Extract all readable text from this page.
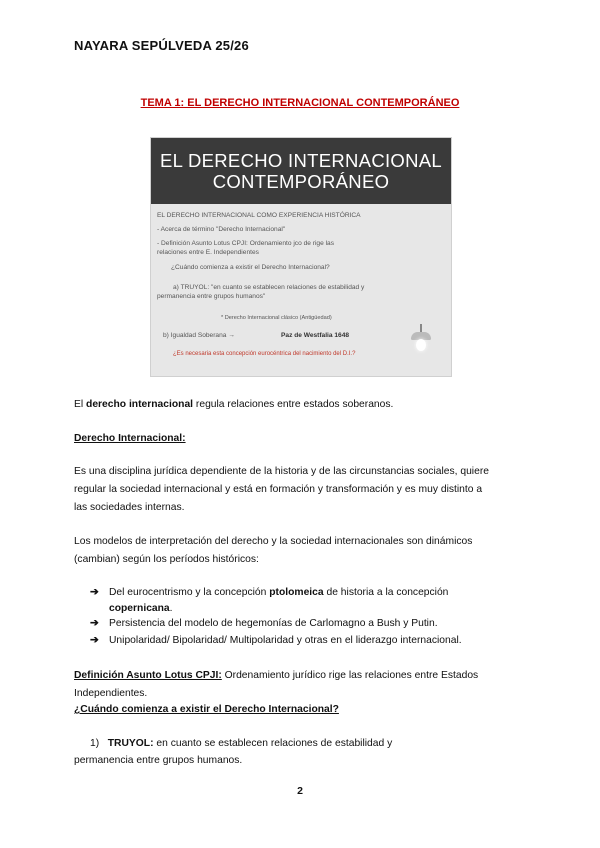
NAYARA SEPÚLVEDA 25/26
TEMA 1: EL DERECHO INTERNACIONAL CONTEMPORÁNEO
EL DERECHO INTERNACIONAL
CONTEMPORÁNEO
EL DERECHO INTERNACIONAL COMO EXPERIENCIA HISTÓRICA
- Acerca de término "Derecho Internacional"
- Definición Asunto Lotus CPJI: Ordenamiento jco de rige las
relaciones entre E. Independientes
¿Cuándo comienza a existir el Derecho Internacional?
a) TRUYOL: "en cuanto se establecen relaciones de estabilidad y
permanencia entre grupos humanos"
* Derecho Internacional clásico (Antigüedad)
b) Igualdad Soberana →	Paz de Westfalia 1648
¿Es necesaria esta concepción eurocéntrica del nacimiento del D.I.?
El derecho internacional regula relaciones entre estados soberanos.
Derecho Internacional:
Es una disciplina jurídica dependiente de la historia y de las circunstancias sociales, quiere
regular la sociedad internacional y está en formación y transformación y es muy distinto a
las sociedades internas.
Los modelos de interpretación del derecho y la sociedad internacionales son dinámicos
(cambian) según los períodos históricos:
➔ Del eurocentrismo y la concepción ptolomeica de historia a la concepción
copernicana.
➔ Persistencia del modelo de hegemonías de Carlomagno a Bush y Putin.
➔ Unipolaridad/ Bipolaridad/ Multipolaridad y otras en el liderazgo internacional.
Definición Asunto Lotus CPJI: Ordenamiento jurídico rige las relaciones entre Estados
Independientes.
¿Cuándo comienza a existir el Derecho Internacional?
1) TRUYOL: en cuanto se establecen relaciones de estabilidad y
permanencia entre grupos humanos.
2
